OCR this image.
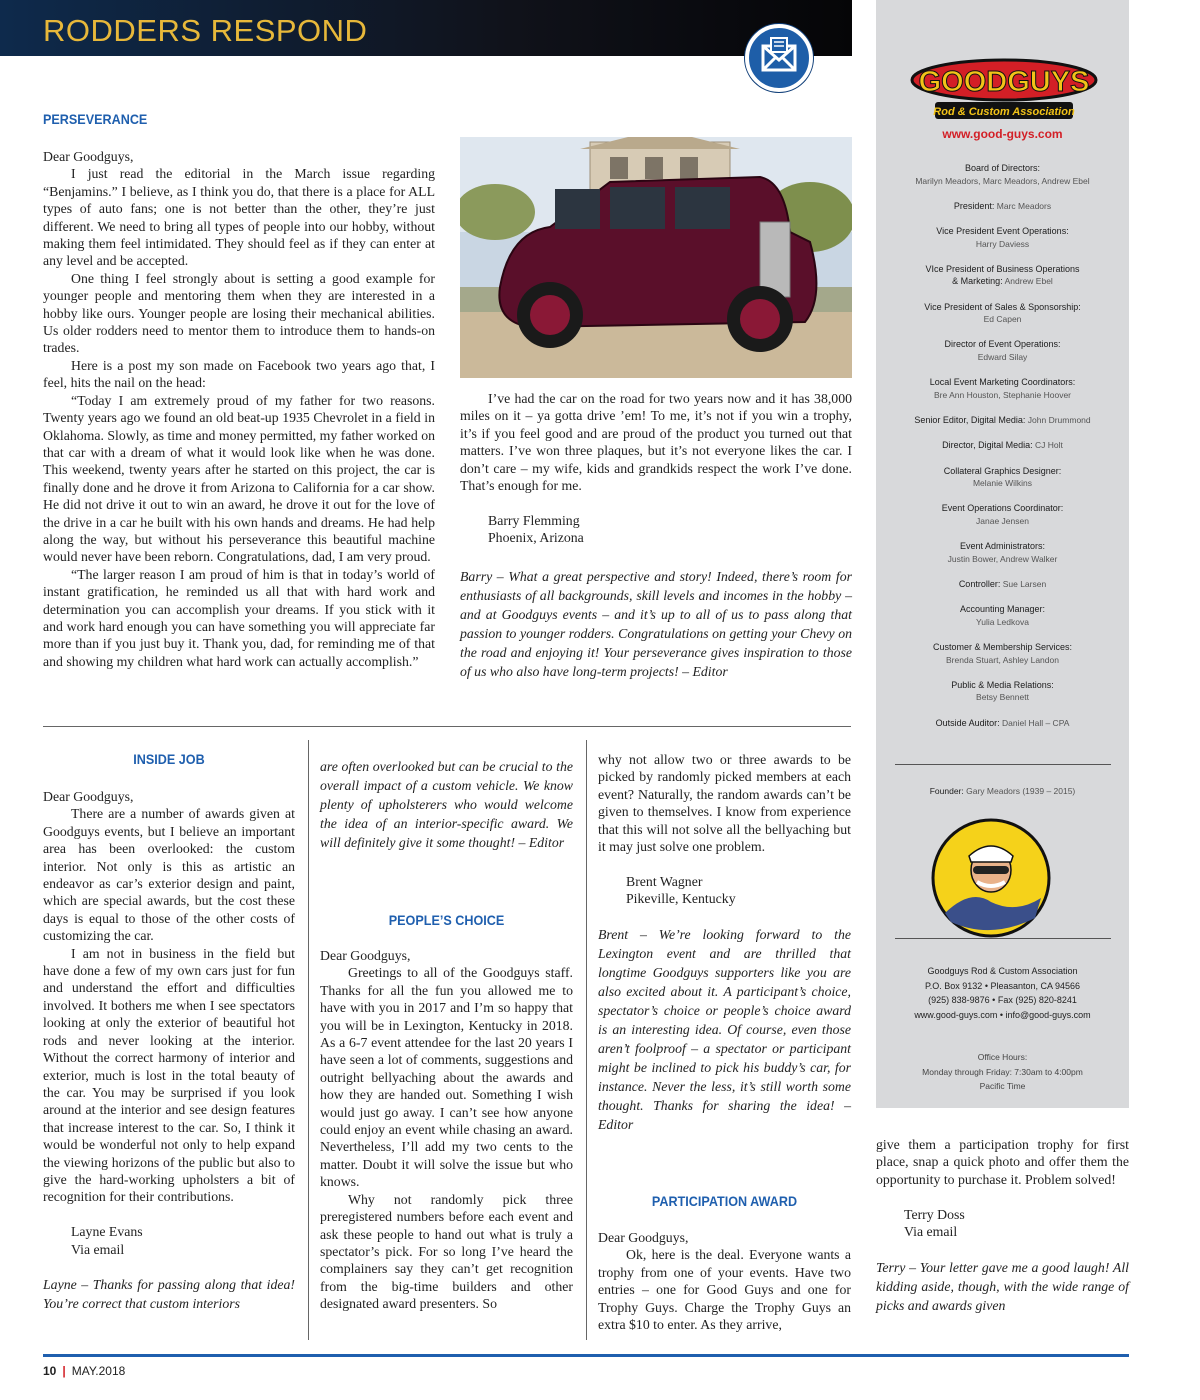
RODDERS RESPOND
GOODGUYS
Rod & Custom Association
www.good-guys.com
Board of Directors:
Marilyn Meadors, Marc Meadors, Andrew Ebel
President: Marc Meadors
Vice President Event Operations:
Harry Daviess
VIce President of Business Operations
& Marketing: Andrew Ebel
Vice President of Sales & Sponsorship:
Ed Capen
Director of Event Operations:
Edward Silay
Local Event Marketing Coordinators:
Bre Ann Houston, Stephanie Hoover
Senior Editor, Digital Media: John Drummond
Director, Digital Media: CJ Holt
Collateral Graphics Designer:
Melanie Wilkins
Event Operations Coordinator:
Janae Jensen
Event Administrators:
Justin Bower, Andrew Walker
Controller: Sue Larsen
Accounting Manager:
Yulia Ledkova
Customer & Membership Services:
Brenda Stuart, Ashley Landon
Public & Media Relations:
Betsy Bennett
Outside Auditor: Daniel Hall – CPA
Founder: Gary Meadors (1939 – 2015)
Goodguys Rod & Custom Association
P.O. Box 9132 • Pleasanton, CA 94566
(925) 838-9876 • Fax (925) 820-8241
www.good-guys.com • info@good-guys.com
Office Hours:
Monday through Friday: 7:30am to 4:00pm
Pacific Time
PERSEVERANCE

Dear Goodguys,

I just read the editorial in the March issue regarding “Benjamins.” I believe, as I think you do, that there is a place for ALL types of auto fans; one is not better than the other, they’re just different. We need to bring all types of people into our hobby, without making them feel intimidated. They should feel as if they can enter at any level and be accepted.

One thing I feel strongly about is setting a good example for younger people and mentoring them when they are interested in a hobby like ours. Younger people are losing their mechanical abilities. Us older rodders need to mentor them to introduce them to hands-on trades.

Here is a post my son made on Facebook two years ago that, I feel, hits the nail on the head:

“Today I am extremely proud of my father for two reasons. Twenty years ago we found an old beat-up 1935 Chevrolet in a field in Oklahoma. Slowly, as time and money permitted, my father worked on that car with a dream of what it would look like when he was done. This weekend, twenty years after he started on this project, the car is finally done and he drove it from Arizona to California for a car show. He did not drive it out to win an award, he drove it out for the love of the drive in a car he built with his own hands and dreams. He had help along the way, but without his perseverance this beautiful machine would never have been reborn. Congratulations, dad, I am very proud.

“The larger reason I am proud of him is that in today’s world of instant gratification, he reminded us all that with hard work and determination you can accomplish your dreams. If you stick with it and work hard enough you can have something you will appreciate far more than if you just buy it. Thank you, dad, for reminding me of that and showing my children what hard work can actually accomplish.”

I’ve had the car on the road for two years now and it has 38,000 miles on it – ya gotta drive ’em! To me, it’s not if you win a trophy, it’s if you feel good and are proud of the product you turned out that matters. I’ve won three plaques, but it’s not everyone likes the car. I don’t care – my wife, kids and grandkids respect the work I’ve done. That’s enough for me.

Barry Flemming

Phoenix, Arizona

Barry – What a great perspective and story! Indeed, there’s room for enthusiasts of all backgrounds, skill levels and incomes in the hobby – and at Goodguys events – and it’s up to all of us to pass along that passion to younger rodders. Congratulations on getting your Chevy on the road and enjoying it! Your perseverance gives inspiration to those of us who also have long-term projects! – Editor

INSIDE JOB

Dear Goodguys,

There are a number of awards given at Goodguys events, but I believe an important area has been overlooked: the custom interior. Not only is this as artistic an endeavor as car’s exterior design and paint, which are special awards, but the cost these days is equal to those of the other costs of customizing the car.

I am not in business in the field but have done a few of my own cars just for fun and understand the effort and difficulties involved. It bothers me when I see spectators looking at only the exterior of beautiful hot rods and never looking at the interior. Without the correct harmony of interior and exterior, much is lost in the total beauty of the car. You may be surprised if you look around at the interior and see design features that increase interest to the car. So, I think it would be wonderful not only to help expand the viewing horizons of the public but also to give the hard-working upholsters a bit of recognition for their contributions.

Layne Evans

Via email

Layne – Thanks for passing along that idea! You’re correct that custom interiors

are often overlooked but can be crucial to the overall impact of a custom vehicle. We know plenty of upholsterers who would welcome the idea of an interior-specific award. We will definitely give it some thought! – Editor

PEOPLE’S CHOICE

Dear Goodguys,

Greetings to all of the Goodguys staff. Thanks for all the fun you allowed me to have with you in 2017 and I’m so happy that you will be in Lexington, Kentucky in 2018. As a 6-7 event attendee for the last 20 years I have seen a lot of comments, suggestions and outright bellyaching about the awards and how they are handed out. Something I wish would just go away. I can’t see how anyone could enjoy an event while chasing an award. Nevertheless, I’ll add my two cents to the matter. Doubt it will solve the issue but who knows.

Why not randomly pick three preregistered numbers before each event and ask these people to hand out what is truly a spectator’s pick. For so long I’ve heard the complainers say they can’t get recognition from the big-time builders and other designated award presenters. So

why not allow two or three awards to be picked by randomly picked members at each event? Naturally, the random awards can’t be given to themselves. I know from experience that this will not solve all the bellyaching but it may just solve one problem.

Brent Wagner

Pikeville, Kentucky

Brent – We’re looking forward to the Lexington event and are thrilled that longtime Goodguys supporters like you are also excited about it. A participant’s choice, spectator’s choice or people’s choice award is an interesting idea. Of course, even those aren’t foolproof – a spectator or participant might be inclined to pick his buddy’s car, for instance. Never the less, it’s still worth some thought. Thanks for sharing the idea! – Editor

PARTICIPATION AWARD

Dear Goodguys,

Ok, here is the deal. Everyone wants a trophy from one of your events. Have two entries – one for Good Guys and one for Trophy Guys. Charge the Trophy Guys an extra $10 to enter. As they arrive,

give them a participation trophy for first place, snap a quick photo and offer them the opportunity to purchase it. Problem solved!

Terry Doss

Via email

Terry – Your letter gave me a good laugh! All kidding aside, though, with the wide range of picks and awards given

10 | MAY.2018
